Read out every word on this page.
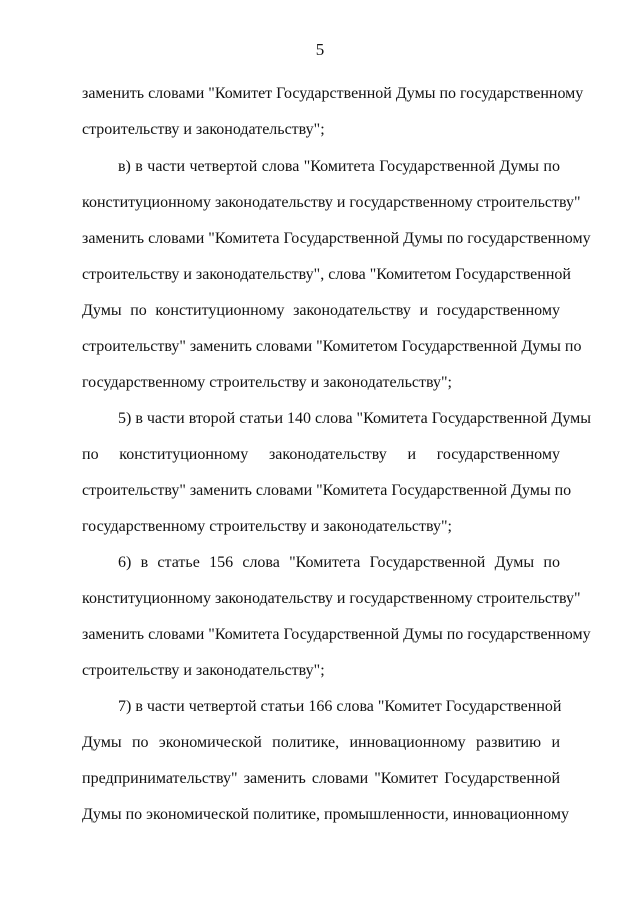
5
заменить словами "Комитет Государственной Думы по государственному
строительству и законодательству";
в) в части четвертой слова "Комитета Государственной Думы по
конституционному законодательству и государственному строительству"
заменить словами "Комитета Государственной Думы по государственному
строительству и законодательству", слова "Комитетом Государственной
Думы по конституционному законодательству и государственному
строительству" заменить словами "Комитетом Государственной Думы по
государственному строительству и законодательству";
5) в части второй статьи 140 слова "Комитета Государственной Думы
по конституционному законодательству и государственному
строительству" заменить словами "Комитета Государственной Думы по
государственному строительству и законодательству";
6) в статье 156 слова "Комитета Государственной Думы по
конституционному законодательству и государственному строительству"
заменить словами "Комитета Государственной Думы по государственному
строительству и законодательству";
7) в части четвертой статьи 166 слова "Комитет Государственной
Думы по экономической политике, инновационному развитию и
предпринимательству" заменить словами "Комитет Государственной
Думы по экономической политике, промышленности, инновационному
